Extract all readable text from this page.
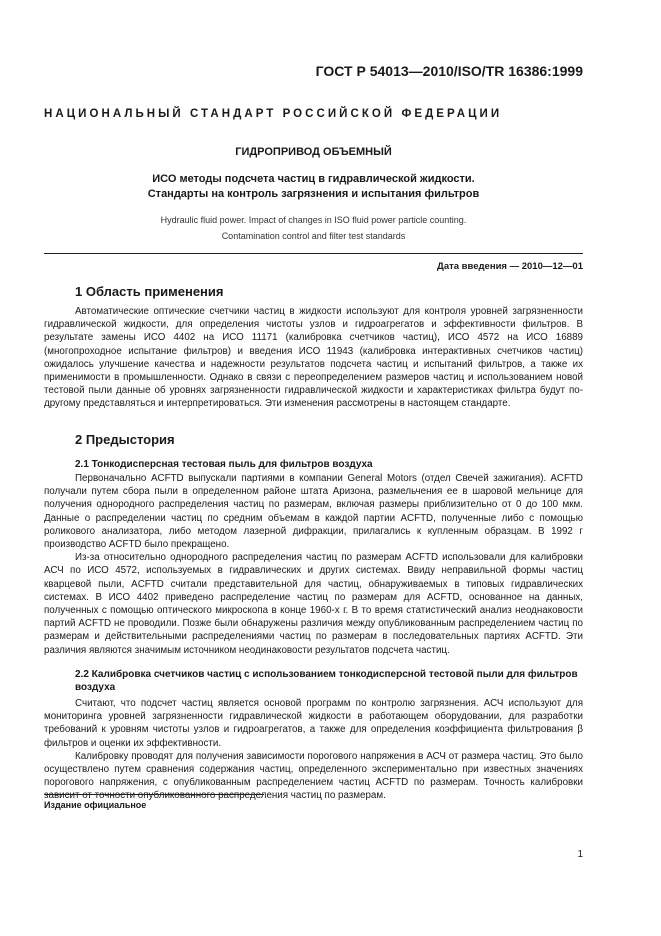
ГОСТ Р 54013—2010/ISO/TR 16386:1999
НАЦИОНАЛЬНЫЙ СТАНДАРТ РОССИЙСКОЙ ФЕДЕРАЦИИ
ГИДРОПРИВОД ОБЪЕМНЫЙ
ИСО методы подсчета частиц в гидравлической жидкости.
Стандарты на контроль загрязнения и испытания фильтров
Hydraulic fluid power. Impact of changes in ISO fluid power particle counting.
Contamination control and filter test standards
Дата введения — 2010—12—01
1 Область применения

Автоматические оптические счетчики частиц в жидкости используют для контроля уровней загрязненности гидравлической жидкости, для определения чистоты узлов и гидроагрегатов и эффективности фильтров. В результате замены ИСО 4402 на ИСО 11171 (калибровка счетчиков частиц), ИСО 4572 на ИСО 16889 (многопроходное испытание фильтров) и введения ИСО 11943 (калибровка интерактивных счетчиков частиц) ожидалось улучшение качества и надежности результатов подсчета частиц и испытаний фильтров, а также их применимости в промышленности. Однако в связи с переопределением размеров частиц и использованием новой тестовой пыли данные об уровнях загрязненности гидравлической жидкости и характеристиках фильтра будут по-другому представляться и интерпретироваться. Эти изменения рассмотрены в настоящем стандарте.

2 Предыстория
2.1 Тонкодисперсная тестовая пыль для фильтров воздуха

Первоначально ACFTD выпускали партиями в компании General Motors (отдел Свечей зажигания). ACFTD получали путем сбора пыли в определенном районе штата Аризона, размельчения ее в шаровой мельнице для получения однородного распределения частиц по размерам, включая размеры приблизительно от 0 до 100 мкм. Данные о распределении частиц по средним объемам в каждой партии ACFTD, полученные либо с помощью роликового анализатора, либо методом лазерной дифракции, прилагались к купленным образцам. В 1992 г производство ACFTD было прекращено.

Из-за относительно однородного распределения частиц по размерам ACFTD использовали для калибровки АСЧ по ИСО 4572, используемых в гидравлических и других системах. Ввиду неправильной формы частиц кварцевой пыли, ACFTD считали представительной для частиц, обнаруживаемых в типовых гидравлических системах. В ИСО 4402 приведено распределение частиц по размерам для ACFTD, основанное на данных, полученных с помощью оптического микроскопа в конце 1960-х г. В то время статистический анализ неоднаковости партий ACFTD не проводили. Позже были обнаружены различия между опубликованным распределением частиц по размерам и действительными распределениями частиц по размерам в последовательных партиях ACFTD. Эти различия являются значимым источником неодинаковости результатов подсчета частиц.

2.2 Калибровка счетчиков частиц с использованием тонкодисперсной тестовой пыли для фильтров воздуха

Считают, что подсчет частиц является основой программ по контролю загрязнения. АСЧ используют для мониторинга уровней загрязненности гидравлической жидкости в работающем оборудовании, для разработки требований к уровням чистоты узлов и гидроагрегатов, а также для определения коэффициента фильтрования β фильтров и оценки их эффективности.

Калибровку проводят для получения зависимости порогового напряжения в АСЧ от размера частиц. Это было осуществлено путем сравнения содержания частиц, определенного экспериментально при известных значениях порогового напряжения, с опубликованным распределением частиц ACFTD по размерам. Точность калибровки зависит от точности опубликованного распределения частиц по размерам.

Издание официальное
1
